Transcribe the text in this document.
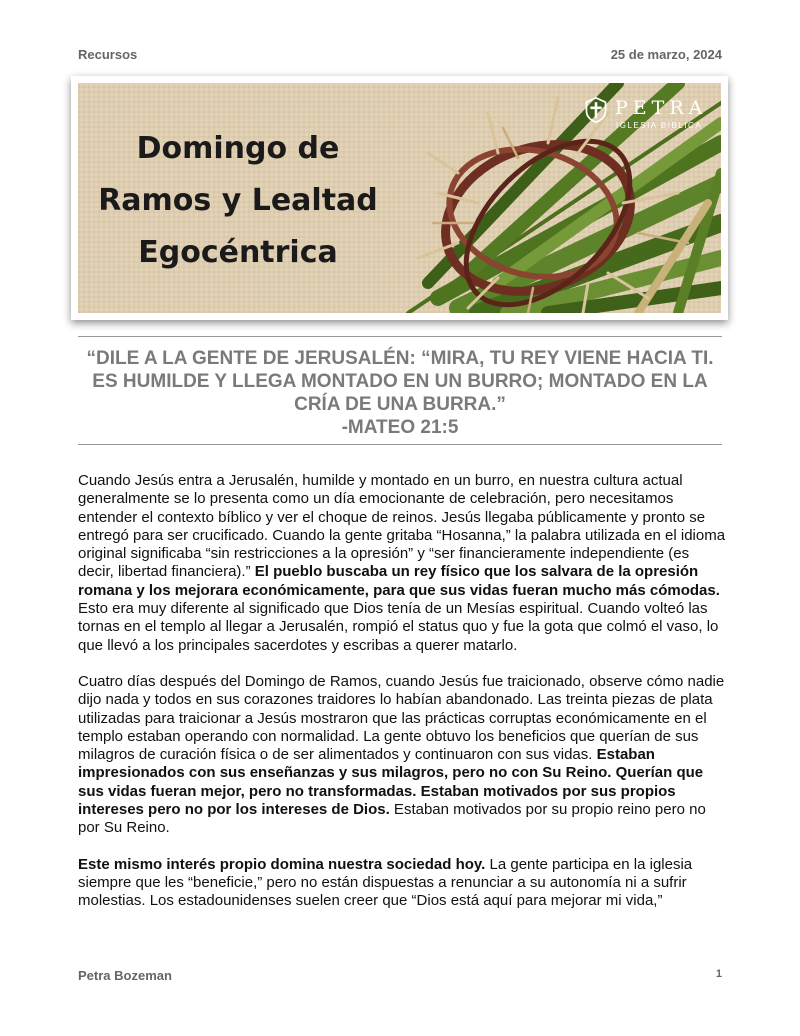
Recursos	25 de marzo, 2024
Domingo de
Ramos y Lealtad
Egocéntrica
PETRA
IGLESIA BÍBLICA
“DILE A LA GENTE DE JERUSALÉN: “MIRA, TU REY VIENE HACIA TI. ES HUMILDE Y LLEGA MONTADO EN UN BURRO; MONTADO EN LA CRÍA DE UNA BURRA.”
-MATEO 21:5

Cuando Jesús entra a Jerusalén, humilde y montado en un burro, en nuestra cultura actual generalmente se lo presenta como un día emocionante de celebración, pero necesitamos entender el contexto bíblico y ver el choque de reinos. Jesús llegaba públicamente y pronto se entregó para ser crucificado. Cuando la gente gritaba “Hosanna,” la palabra utilizada en el idioma original significaba “sin restricciones a la opresión” y “ser financieramente independiente (es decir, libertad financiera).” El pueblo buscaba un rey físico que los salvara de la opresión romana y los mejorara económicamente, para que sus vidas fueran mucho más cómodas. Esto era muy diferente al significado que Dios tenía de un Mesías espiritual. Cuando volteó las tornas en el templo al llegar a Jerusalén, rompió el status quo y fue la gota que colmó el vaso, lo que llevó a los principales sacerdotes y escribas a querer matarlo.

Cuatro días después del Domingo de Ramos, cuando Jesús fue traicionado, observe cómo nadie dijo nada y todos en sus corazones traidores lo habían abandonado. Las treinta piezas de plata utilizadas para traicionar a Jesús mostraron que las prácticas corruptas económicamente en el templo estaban operando con normalidad. La gente obtuvo los beneficios que querían de sus milagros de curación física o de ser alimentados y continuaron con sus vidas. Estaban impresionados con sus enseñanzas y sus milagros, pero no con Su Reino. Querían que sus vidas fueran mejor, pero no transformadas. Estaban motivados por sus propios intereses pero no por los intereses de Dios. Estaban motivados por su propio reino pero no por Su Reino.

Este mismo interés propio domina nuestra sociedad hoy. La gente participa en la iglesia siempre que les “beneficie,” pero no están dispuestas a renunciar a su autonomía ni a sufrir molestias. Los estadounidenses suelen creer que “Dios está aquí para mejorar mi vida,”

Petra Bozeman	1
